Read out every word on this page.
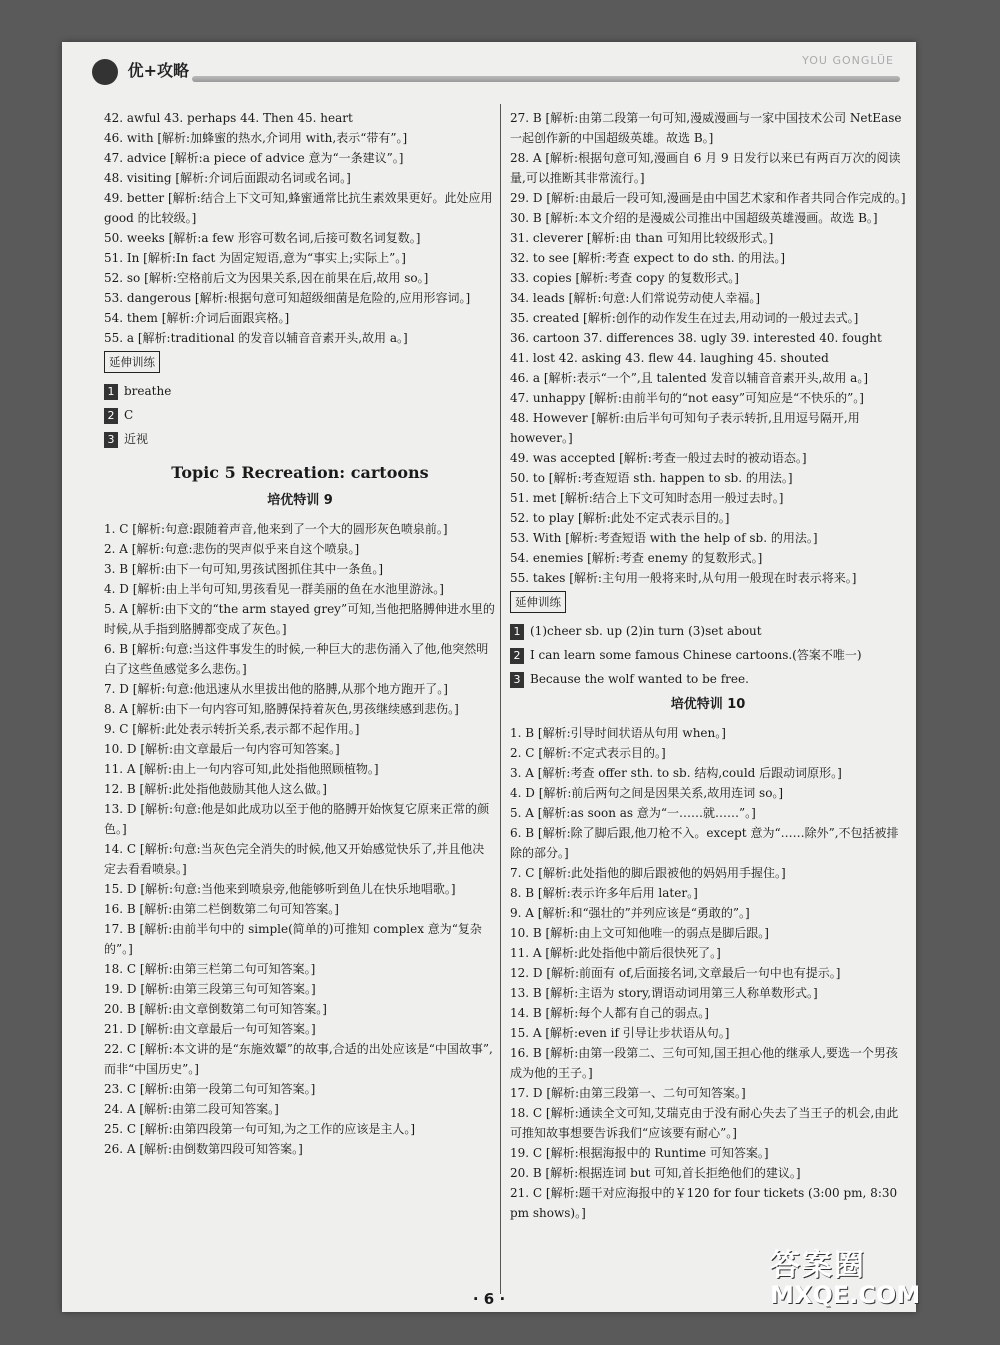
优+攻略
YOU GONGLÜE
42. awful 43. perhaps 44. Then 45. heart
46. with [解析:加蜂蜜的热水,介词用 with,表示“带有”。]
47. advice [解析:a piece of advice 意为“一条建议”。]
48. visiting [解析:介词后面跟动名词或名词。]
49. better [解析:结合上下文可知,蜂蜜通常比抗生素效果更好。此处应用 good 的比较级。]
50. weeks [解析:a few 形容可数名词,后接可数名词复数。]
51. In [解析:In fact 为固定短语,意为“事实上;实际上”。]
52. so [解析:空格前后文为因果关系,因在前果在后,故用 so。]
53. dangerous [解析:根据句意可知超级细菌是危险的,应用形容词。]
54. them [解析:介词后面跟宾格。]
55. a [解析:traditional 的发音以辅音音素开头,故用 a。]
延伸训练
1 breathe
2 C
3 近视
Topic 5 Recreation: cartoons
培优特训 9
1. C [解析:句意:跟随着声音,他来到了一个大的圆形灰色喷泉前。]
2. A [解析:句意:悲伤的哭声似乎来自这个喷泉。]
3. B [解析:由下一句可知,男孩试图抓住其中一条鱼。]
4. D [解析:由上半句可知,男孩看见一群美丽的鱼在水池里游泳。]
5. A [解析:由下文的“the arm stayed grey”可知,当他把胳膊伸进水里的时候,从手指到胳膊都变成了灰色。]
6. B [解析:句意:当这件事发生的时候,一种巨大的悲伤涌入了他,他突然明白了这些鱼感觉多么悲伤。]
7. D [解析:句意:他迅速从水里拔出他的胳膊,从那个地方跑开了。]
8. A [解析:由下一句内容可知,胳膊保持着灰色,男孩继续感到悲伤。]
9. C [解析:此处表示转折关系,表示都不起作用。]
10. D [解析:由文章最后一句内容可知答案。]
11. A [解析:由上一句内容可知,此处指他照顾植物。]
12. B [解析:此处指他鼓励其他人这么做。]
13. D [解析:句意:他是如此成功以至于他的胳膊开始恢复它原来正常的颜色。]
14. C [解析:句意:当灰色完全消失的时候,他又开始感觉快乐了,并且他决定去看看喷泉。]
15. D [解析:句意:当他来到喷泉旁,他能够听到鱼儿在快乐地唱歌。]
16. B [解析:由第二栏倒数第二句可知答案。]
17. B [解析:由前半句中的 simple(简单的)可推知 complex 意为“复杂的”。]
18. C [解析:由第三栏第二句可知答案。]
19. D [解析:由第三段第三句可知答案。]
20. B [解析:由文章倒数第二句可知答案。]
21. D [解析:由文章最后一句可知答案。]
22. C [解析:本文讲的是“东施效颦”的故事,合适的出处应该是“中国故事”,而非“中国历史”。]
23. C [解析:由第一段第二句可知答案。]
24. A [解析:由第二段可知答案。]
25. C [解析:由第四段第一句可知,为之工作的应该是主人。]
26. A [解析:由倒数第四段可知答案。]
27. B [解析:由第二段第一句可知,漫威漫画与一家中国技术公司 NetEase 一起创作新的中国超级英雄。故选 B。]
28. A [解析:根据句意可知,漫画自 6 月 9 日发行以来已有两百万次的阅读量,可以推断其非常流行。]
29. D [解析:由最后一段可知,漫画是由中国艺术家和作者共同合作完成的。]
30. B [解析:本文介绍的是漫威公司推出中国超级英雄漫画。故选 B。]
31. cleverer [解析:由 than 可知用比较级形式。]
32. to see [解析:考查 expect to do sth. 的用法。]
33. copies [解析:考查 copy 的复数形式。]
34. leads [解析:句意:人们常说劳动使人幸福。]
35. created [解析:创作的动作发生在过去,用动词的一般过去式。]
36. cartoon 37. differences 38. ugly 39. interested 40. fought
41. lost 42. asking 43. flew 44. laughing 45. shouted
46. a [解析:表示“一个”,且 talented 发音以辅音音素开头,故用 a。]
47. unhappy [解析:由前半句的“not easy”可知应是“不快乐的”。]
48. However [解析:由后半句可知句子表示转折,且用逗号隔开,用 however。]
49. was accepted [解析:考查一般过去时的被动语态。]
50. to [解析:考查短语 sth. happen to sb. 的用法。]
51. met [解析:结合上下文可知时态用一般过去时。]
52. to play [解析:此处不定式表示目的。]
53. With [解析:考查短语 with the help of sb. 的用法。]
54. enemies [解析:考查 enemy 的复数形式。]
55. takes [解析:主句用一般将来时,从句用一般现在时表示将来。]
延伸训练
1 (1)cheer sb. up (2)in turn (3)set about
2 I can learn some famous Chinese cartoons.(答案不唯一)
3 Because the wolf wanted to be free.
培优特训 10
1. B [解析:引导时间状语从句用 when。]
2. C [解析:不定式表示目的。]
3. A [解析:考查 offer sth. to sb. 结构,could 后跟动词原形。]
4. D [解析:前后两句之间是因果关系,故用连词 so。]
5. A [解析:as soon as 意为“一……就……”。]
6. B [解析:除了脚后跟,他刀枪不入。except 意为“……除外”,不包括被排除的部分。]
7. C [解析:此处指他的脚后跟被他的妈妈用手握住。]
8. B [解析:表示许多年后用 later。]
9. A [解析:和“强壮的”并列应该是“勇敢的”。]
10. B [解析:由上文可知他唯一的弱点是脚后跟。]
11. A [解析:此处指他中箭后很快死了。]
12. D [解析:前面有 of,后面接名词,文章最后一句中也有提示。]
13. B [解析:主语为 story,谓语动词用第三人称单数形式。]
14. B [解析:每个人都有自己的弱点。]
15. A [解析:even if 引导让步状语从句。]
16. B [解析:由第一段第二、三句可知,国王担心他的继承人,要选一个男孩成为他的王子。]
17. D [解析:由第三段第一、二句可知答案。]
18. C [解析:通读全文可知,艾瑞克由于没有耐心失去了当王子的机会,由此可推知故事想要告诉我们“应该要有耐心”。]
19. C [解析:根据海报中的 Runtime 可知答案。]
20. B [解析:根据连词 but 可知,首长拒绝他们的建议。]
21. C [解析:题干对应海报中的￥120 for four tickets (3:00 pm, 8:30 pm shows)。]
· 6 ·
答案圈
MXQE.COM
